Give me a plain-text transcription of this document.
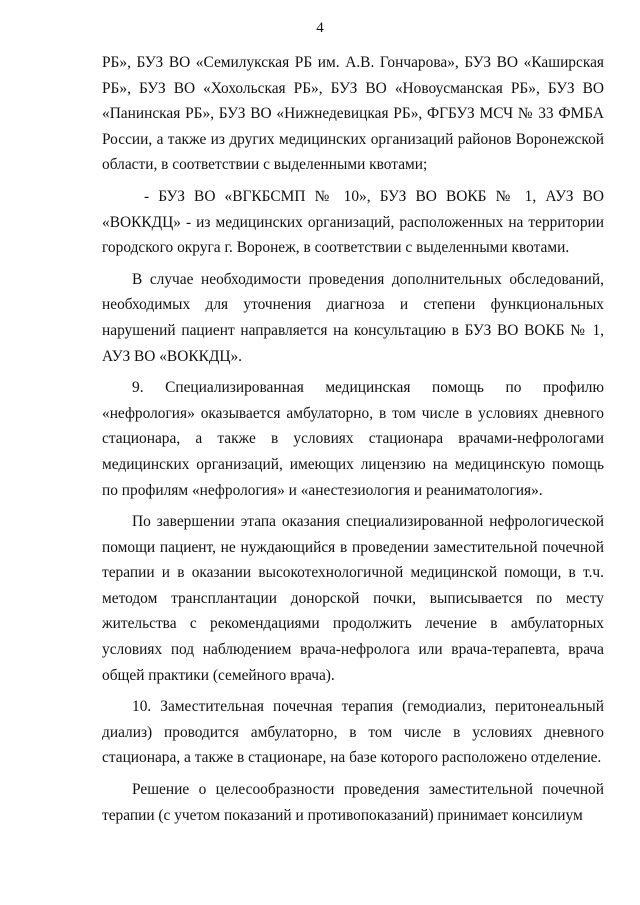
4

РБ», БУЗ ВО «Семилукская РБ им. А.В. Гончарова», БУЗ ВО «Каширская РБ», БУЗ ВО «Хохольская РБ», БУЗ ВО «Новоусманская РБ», БУЗ ВО «Панинская РБ», БУЗ ВО «Нижнедевицкая РБ», ФГБУЗ МСЧ № 33 ФМБА России, а также из других медицинских организаций районов Воронежской области, в соответствии с выделенными квотами;

- БУЗ ВО «ВГКБСМП № 10», БУЗ ВО ВОКБ № 1, АУЗ ВО «ВОККДЦ» - из медицинских организаций, расположенных на территории городского округа г. Воронеж, в соответствии с выделенными квотами.

В случае необходимости проведения дополнительных обследований, необходимых для уточнения диагноза и степени функциональных нарушений пациент направляется на консультацию в БУЗ ВО ВОКБ № 1, АУЗ ВО «ВОККДЦ».

9. Специализированная медицинская помощь по профилю «нефрология» оказывается амбулаторно, в том числе в условиях дневного стационара, а также в условиях стационара врачами-нефрологами медицинских организаций, имеющих лицензию на медицинскую помощь по профилям «нефрология» и «анестезиология и реаниматология».

По завершении этапа оказания специализированной нефрологической помощи пациент, не нуждающийся в проведении заместительной почечной терапии и в оказании высокотехнологичной медицинской помощи, в т.ч. методом трансплантации донорской почки, выписывается по месту жительства с рекомендациями продолжить лечение в амбулаторных условиях под наблюдением врача-нефролога или врача-терапевта, врача общей практики (семейного врача).

10. Заместительная почечная терапия (гемодиализ, перитонеальный диализ) проводится амбулаторно, в том числе в условиях дневного стационара, а также в стационаре, на базе которого расположено отделение.

Решение о целесообразности проведения заместительной почечной терапии (с учетом показаний и противопоказаний) принимает консилиум
